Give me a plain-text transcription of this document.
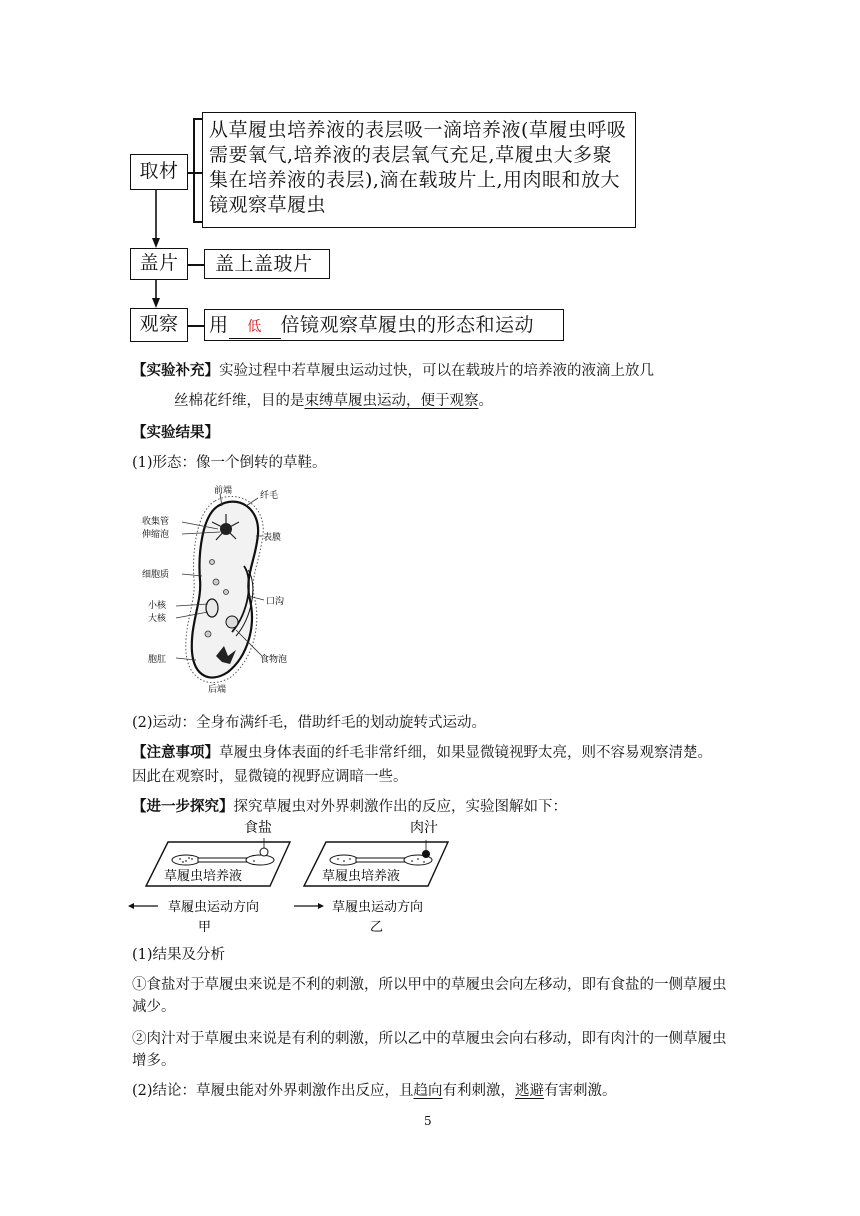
取材
从草履虫培养液的表层吸一滴培养液(草履虫呼吸需要氧气,培养液的表层氧气充足,草履虫大多聚集在培养液的表层),滴在载玻片上,用肉眼和放大镜观察草履虫
盖片	盖上盖玻片
观察	用 低 倍镜观察草履虫的形态和运动
【实验补充】实验过程中若草履虫运动过快，可以在载玻片的培养液的液滴上放几
丝棉花纤维，目的是束缚草履虫运动，便于观察。
【实验结果】
(1)形态：像一个倒转的草鞋。
前端	纤毛
收集管
伸缩泡	表膜
细胞质
小核
大核
口沟
胞肛	食物泡
后端
(2)运动：全身布满纤毛，借助纤毛的划动旋转式运动。
【注意事项】草履虫身体表面的纤毛非常纤细，如果显微镜视野太亮，则不容易观察清楚。
因此在观察时，显微镜的视野应调暗一些。
【进一步探究】探究草履虫对外界刺激作出的反应，实验图解如下：
食盐
草履虫培养液
肉汁
草履虫培养液
草履虫运动方向	草履虫运动方向
甲	乙
(1)结果及分析
①食盐对于草履虫来说是不利的刺激，所以甲中的草履虫会向左移动，即有食盐的一侧草履虫减少。
②肉汁对于草履虫来说是有利的刺激，所以乙中的草履虫会向右移动，即有肉汁的一侧草履虫增多。
(2)结论：草履虫能对外界刺激作出反应，且趋向有利刺激，逃避有害刺激。
5
